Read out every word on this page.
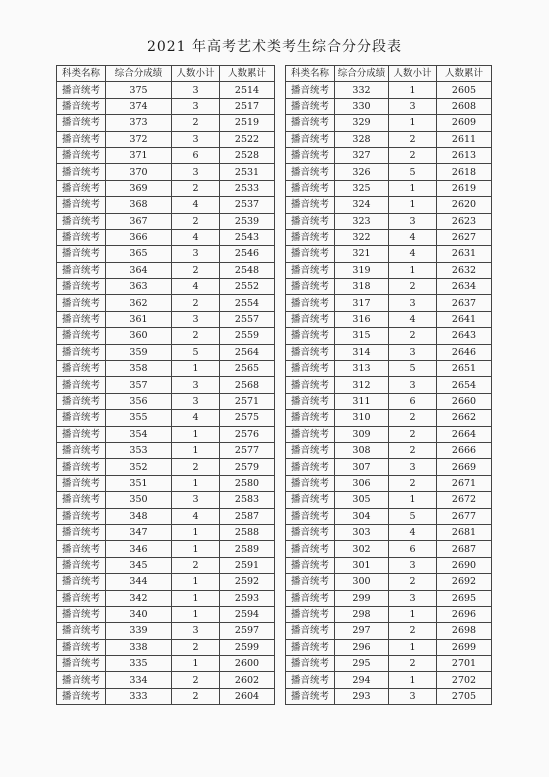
2021 年高考艺术类考生综合分分段表
科类名称	综合分成绩	人数小计	人数累计
播音统考	375	3	2514
播音统考	374	3	2517
播音统考	373	2	2519
播音统考	372	3	2522
播音统考	371	6	2528
播音统考	370	3	2531
播音统考	369	2	2533
播音统考	368	4	2537
播音统考	367	2	2539
播音统考	366	4	2543
播音统考	365	3	2546
播音统考	364	2	2548
播音统考	363	4	2552
播音统考	362	2	2554
播音统考	361	3	2557
播音统考	360	2	2559
播音统考	359	5	2564
播音统考	358	1	2565
播音统考	357	3	2568
播音统考	356	3	2571
播音统考	355	4	2575
播音统考	354	1	2576
播音统考	353	1	2577
播音统考	352	2	2579
播音统考	351	1	2580
播音统考	350	3	2583
播音统考	348	4	2587
播音统考	347	1	2588
播音统考	346	1	2589
播音统考	345	2	2591
播音统考	344	1	2592
播音统考	342	1	2593
播音统考	340	1	2594
播音统考	339	3	2597
播音统考	338	2	2599
播音统考	335	1	2600
播音统考	334	2	2602
播音统考	333	2	2604
科类名称	综合分成绩	人数小计	人数累计
播音统考	332	1	2605
播音统考	330	3	2608
播音统考	329	1	2609
播音统考	328	2	2611
播音统考	327	2	2613
播音统考	326	5	2618
播音统考	325	1	2619
播音统考	324	1	2620
播音统考	323	3	2623
播音统考	322	4	2627
播音统考	321	4	2631
播音统考	319	1	2632
播音统考	318	2	2634
播音统考	317	3	2637
播音统考	316	4	2641
播音统考	315	2	2643
播音统考	314	3	2646
播音统考	313	5	2651
播音统考	312	3	2654
播音统考	311	6	2660
播音统考	310	2	2662
播音统考	309	2	2664
播音统考	308	2	2666
播音统考	307	3	2669
播音统考	306	2	2671
播音统考	305	1	2672
播音统考	304	5	2677
播音统考	303	4	2681
播音统考	302	6	2687
播音统考	301	3	2690
播音统考	300	2	2692
播音统考	299	3	2695
播音统考	298	1	2696
播音统考	297	2	2698
播音统考	296	1	2699
播音统考	295	2	2701
播音统考	294	1	2702
播音统考	293	3	2705
